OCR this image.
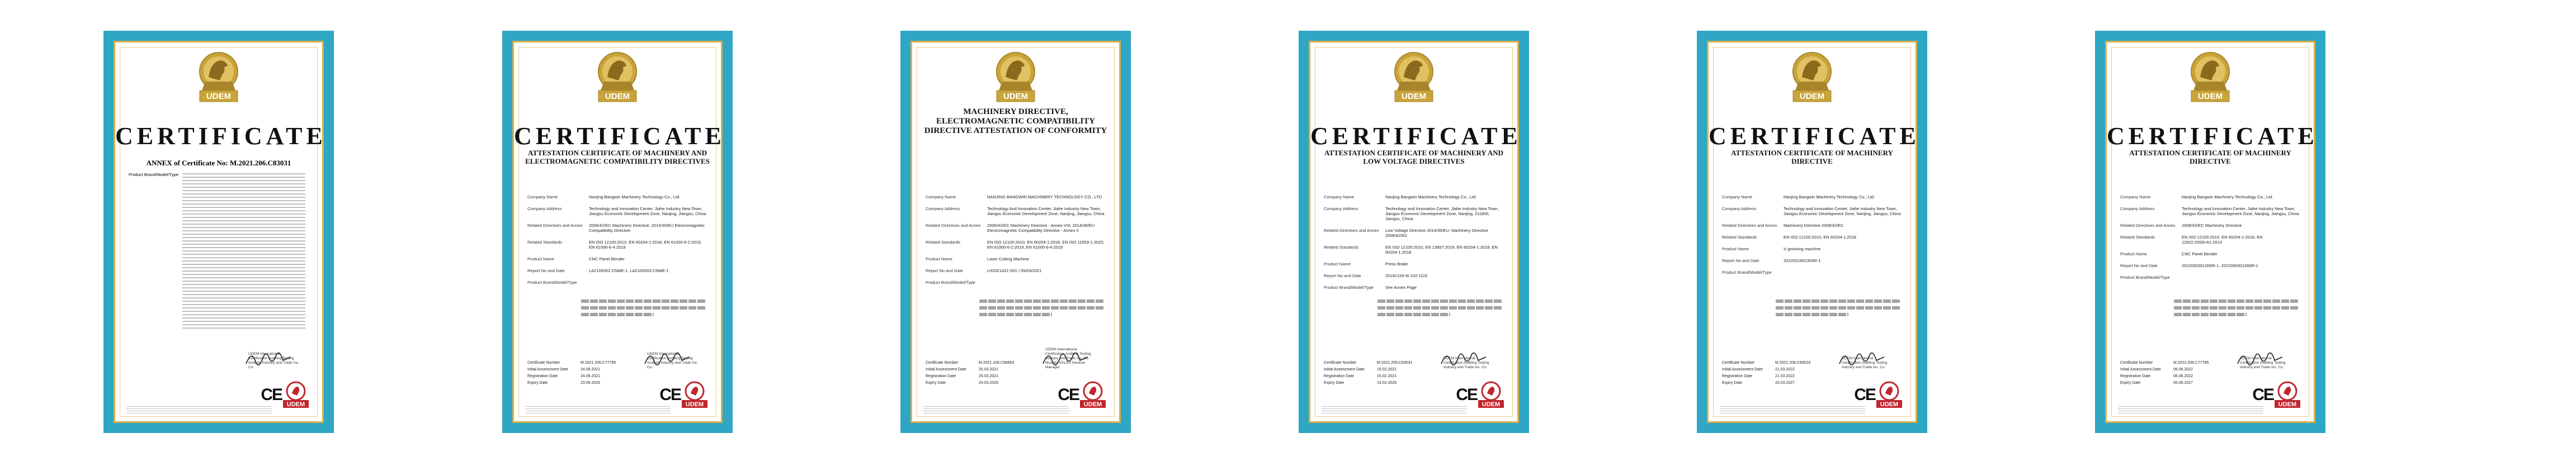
UDEM
CERTIFICATE
ANNEX of Certificate No: M.2021.206.C83031
Product Brand/Model/Type:
UDEM International Certification Auditing Testing Institute Industry and Trade Inc. Co.
CE
UDEM
UDEM
CERTIFICATE
ATTESTATION CERTIFICATE OF MACHINERY AND ELECTROMAGNETIC COMPATIBILITY DIRECTIVES
Company Name	Nanjing Bangwin Machinery Technology Co., Ltd.
Company Address	Technology and Innovation Center, Jiahe Industry New Town, Jiangsu Economic Development Zone, Nanjing, Jiangsu, China
Related Directives and Annex	2006/42/EC Machinery Directive; 2014/30/EU Electromagnetic Compatibility Directive
Related Standards	EN ISO 12100:2010, EN 60204-1:2018, EN 61000-6-2:2019, EN 61000-6-4:2019
Product Name	CNC Panel Bender
Report No and Date	LA2105002 CNME-1, LA2105003 CNME-1
Product Brand/Model/Type
Certificate Number	M.2021.206.C77785
Initial Assessment Date	24.09.2021
Registration Date	24.09.2021
Expiry Date	23.09.2026
UDEM International Certification Auditing Testing Institute Industry and Trade Inc. Co.
CE
UDEM
UDEM
MACHINERY DIRECTIVE, ELECTROMAGNETIC COMPATIBILITY DIRECTIVE ATTESTATION OF CONFORMITY
Company Name	NANJING BANGWIN MACHINERY TECHNOLOGY CO., LTD
Company Address	Technology And Innovation Center, Jiahe Industry New Town, Jiangsu Economic Development Zone, Nanjing, Jiangsu, China
Related Directives and Annex	2006/42/EC Machinery Directive - Annex VIII; 2014/30/EU Electromagnetic Compatibility Directive - Annex II
Related Standards	EN ISO 12100:2010, EN 60204-1:2018, EN ISO 11553-1:2020, EN 61000-6-2:2019, EN 61000-6-4:2019
Product Name	Laser Cutting Machine
Report No and Date	LH2021421-501 / 05/03/2021
Product Brand/Model/Type
Certificate Number	M.2021.106.C66663
Initial Assessment Date	25.03.2021
Registration Date	25.03.2021
Expiry Date	24.03.2026
UDEM International Certification Auditing Testing Industry and Trade Inc. Co. Mustafa KELES General Manager
CE
UDEM
UDEM
CERTIFICATE
ATTESTATION CERTIFICATE OF MACHINERY AND LOW VOLTAGE DIRECTIVES
Company Name	Nanjing Bangwin Machinery Technology Co., Ltd.
Company Address	Technology and Innovation Center, Jiahe Industry New Town, Jiangsu Economic Development Zone, Nanjing, 211800, Jiangsu, China
Related Directives and Annex	Low Voltage Directive 2014/35/EU; Machinery Directive 2006/42/EC
Related Standards	EN ISO 12100:2010, EN 13857:2019, EN 60204-1:2018, EN 60204-1:2018
Product Name	Press Brake
Report No and Date	20191226-I6-102-1115
Product Brand/Model/Type	See Annex Page
Certificate Number	M.2021.206.C83031
Initial Assessment Date	15.02.2021
Registration Date	15.02.2021
Expiry Date	14.02.2026
UDEM International Certification Auditing Testing Industry and Trade Inc. Co.
CE
UDEM
UDEM
CERTIFICATE
ATTESTATION CERTIFICATE OF MACHINERY DIRECTIVE
Company Name	Nanjing Bangwin Machinery Technology Co., Ltd.
Company Address	Technology and Innovation Center, Jiahe Industry New Town, Jiangsu Economic Development Zone, Nanjing, Jiangsu, China
Related Directives and Annex	Machinery Directive 2006/42/EC
Related Standards	EN ISO 12100:2010, EN 60204-1:2018
Product Name	V grooving machine
Report No and Date	2022031602304R-1
Product Brand/Model/Type
Certificate Number	M.2022.206.C83616
Initial Assessment Date	21.03.2022
Registration Date	21.03.2022
Expiry Date	20.03.2027
UDEM International Certification Auditing Testing Industry and Trade Inc. Co.
CE
UDEM
UDEM
CERTIFICATE
ATTESTATION CERTIFICATE OF MACHINERY DIRECTIVE
Company Name	Nanjing Bangwin Machinery Technology Co., Ltd.
Company Address	Technology and Innovation Center, Jiahe Industry New Town, Jiangsu Economic Development Zone, Nanjing, Jiangsu, China
Related Directives and Annex	2006/42/EC Machinery Directive
Related Standards	EN ISO 12100:2010, EN 60204-1:2018, EN 12622:2009+A1:2013
Product Name	CNC Panel Bender
Report No and Date	2022050301059R-1, 2022050301060R-1
Product Brand/Model/Type
Certificate Number	M.2022.206.C77785
Initial Assessment Date	06.06.2022
Registration Date	06.06.2022
Expiry Date	05.06.2027
UDEM International Certification Auditing Testing Industry and Trade Inc. Co.
CE
UDEM
